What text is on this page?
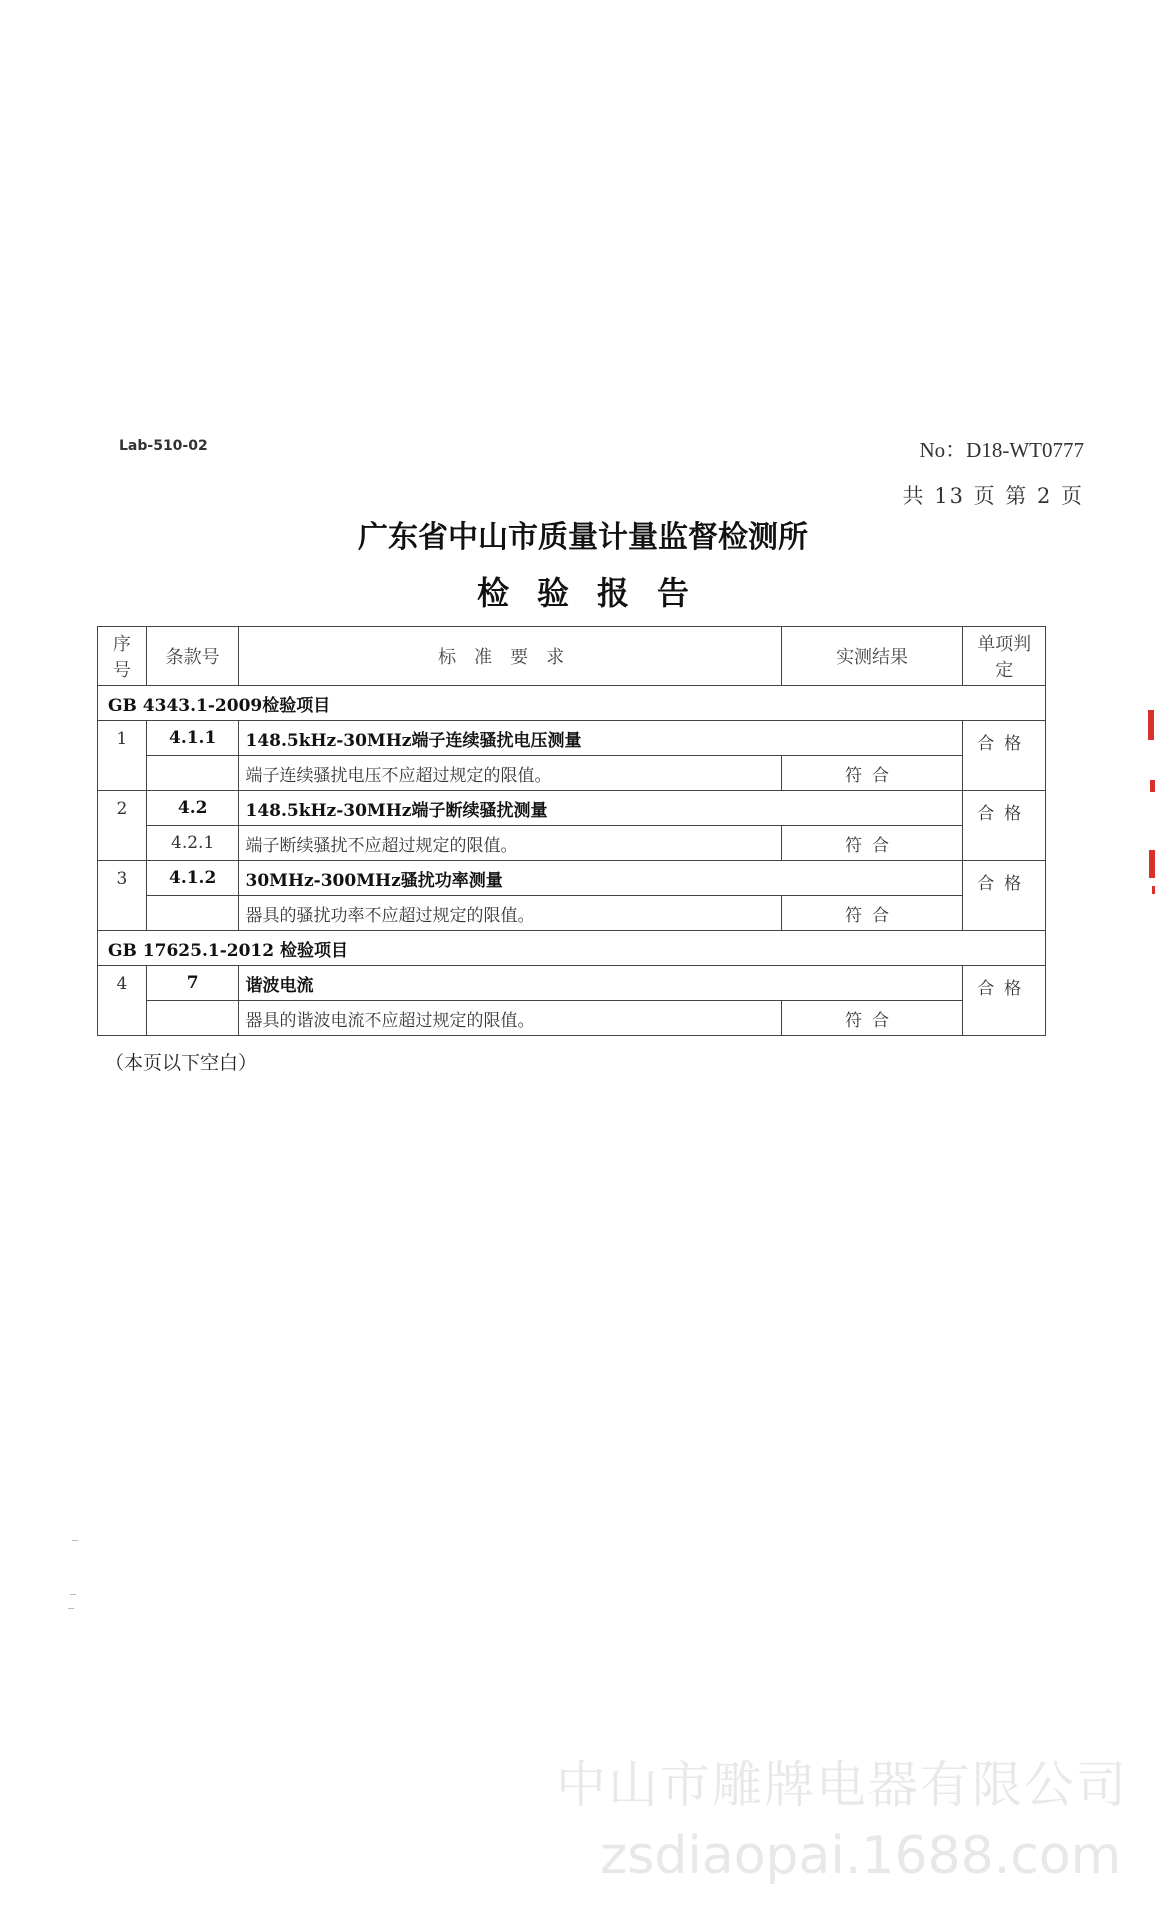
Lab-510-02	No：D18-WT0777
共 13 页 第 2 页
广东省中山市质量计量监督检测所
检验报告
序号	条款号	标准要求	实测结果	单项判定
GB 4343.1-2009检验项目				
1	4.1.1	148.5kHz-30MHz端子连续骚扰电压测量		合格
		端子连续骚扰电压不应超过规定的限值。	符合	
2	4.2	148.5kHz-30MHz端子断续骚扰测量		合格
	4.2.1	端子断续骚扰不应超过规定的限值。	符合	
3	4.1.2	30MHz-300MHz骚扰功率测量		合格
		器具的骚扰功率不应超过规定的限值。	符合	
GB 17625.1-2012 检验项目				
4	7	谐波电流		合格
		器具的谐波电流不应超过规定的限值。	符合	
（本页以下空白）
中山市雕牌电器有限公司
zsdiaopai.1688.com
